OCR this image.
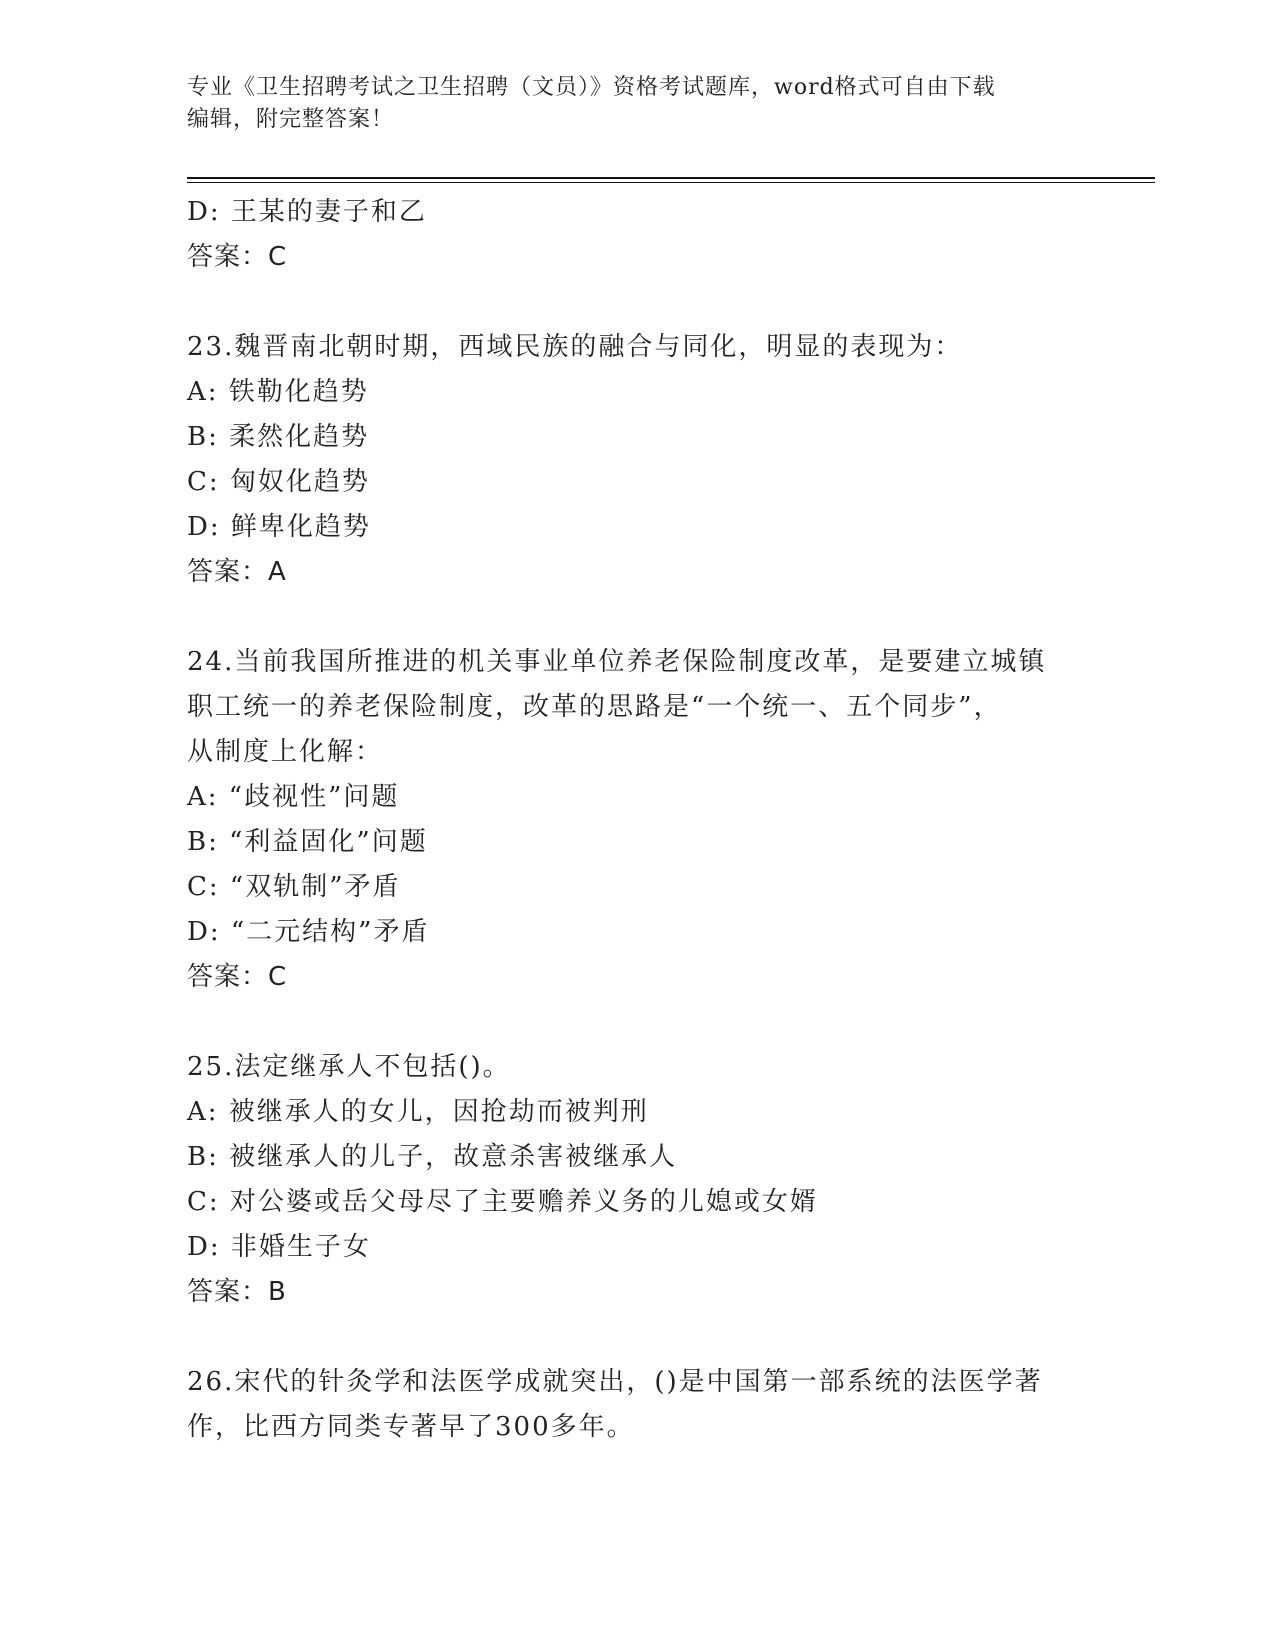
专业《卫生招聘考试之卫生招聘（文员）》资格考试题库，word格式可自由下载
编辑，附完整答案！
D: 王某的妻子和乙
答案：C
23.魏晋南北朝时期，西域民族的融合与同化，明显的表现为：
A: 铁勒化趋势
B: 柔然化趋势
C: 匈奴化趋势
D: 鲜卑化趋势
答案：A
24.当前我国所推进的机关事业单位养老保险制度改革，是要建立城镇
职工统一的养老保险制度，改革的思路是“一个统一、五个同步”，
从制度上化解：
A: “歧视性”问题
B: “利益固化”问题
C: “双轨制”矛盾
D: “二元结构”矛盾
答案：C
25.法定继承人不包括()。
A: 被继承人的女儿，因抢劫而被判刑
B: 被继承人的儿子，故意杀害被继承人
C: 对公婆或岳父母尽了主要赡养义务的儿媳或女婿
D: 非婚生子女
答案：B
26.宋代的针灸学和法医学成就突出，()是中国第一部系统的法医学著
作，比西方同类专著早了300多年。
